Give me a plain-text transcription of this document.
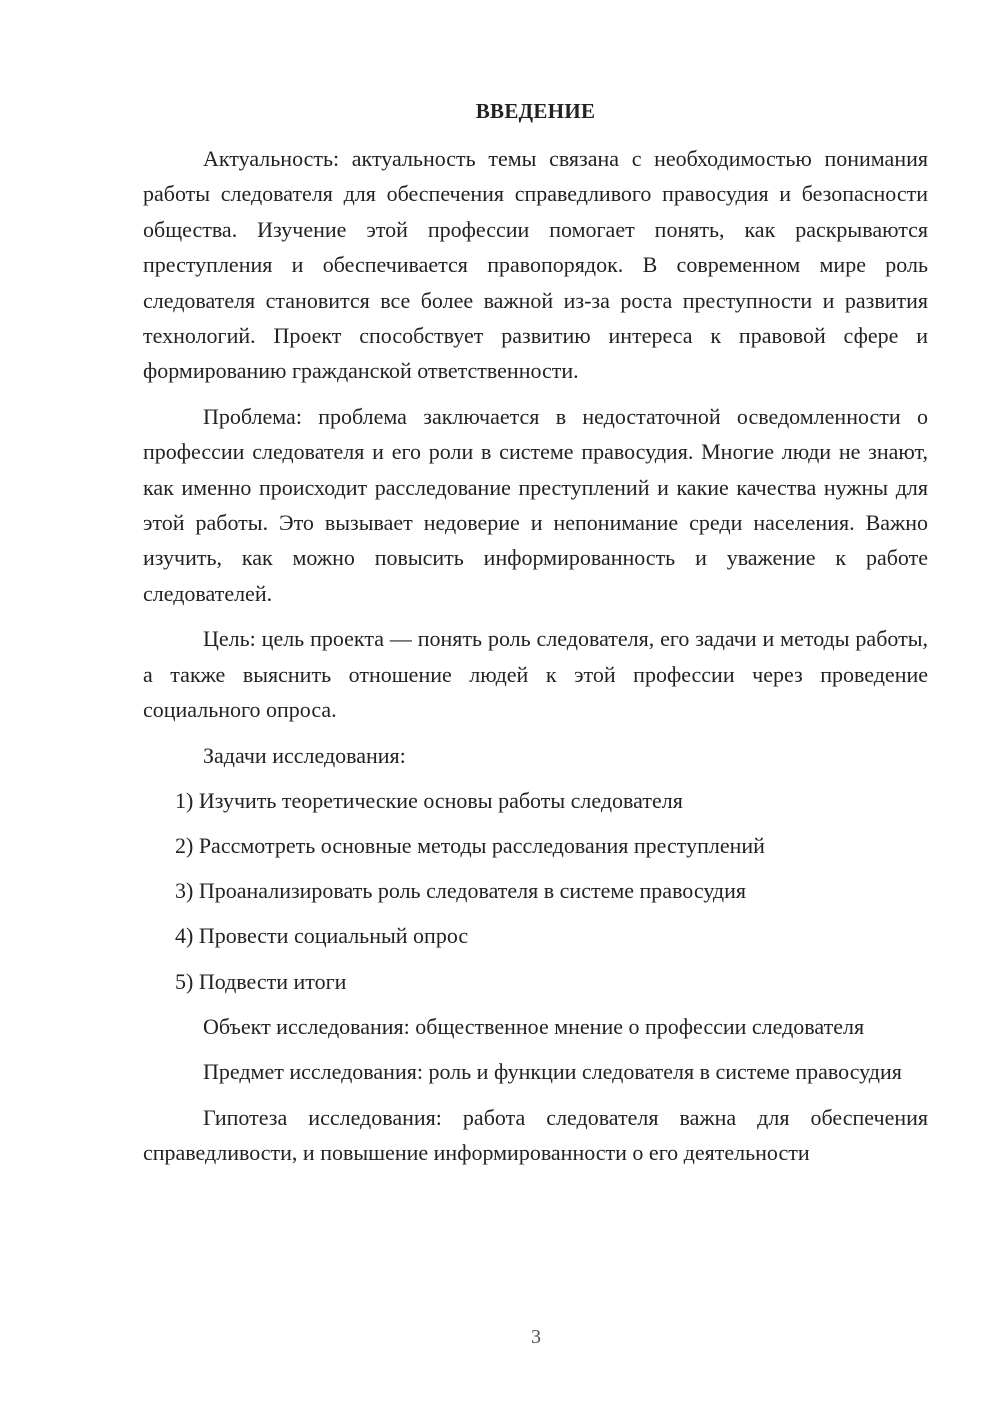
ВВЕДЕНИЕ

Актуальность: актуальность темы связана с необходимостью понимания работы следователя для обеспечения справедливого правосудия и безопасности общества. Изучение этой профессии помогает понять, как раскрываются преступления и обеспечивается правопорядок. В современном мире роль следователя становится все более важной из-за роста преступности и развития технологий. Проект способствует развитию интереса к правовой сфере и формированию гражданской ответственности.

Проблема: проблема заключается в недостаточной осведомленности о профессии следователя и его роли в системе правосудия. Многие люди не знают, как именно происходит расследование преступлений и какие качества нужны для этой работы. Это вызывает недоверие и непонимание среди населения. Важно изучить, как можно повысить информированность и уважение к работе следователей.

Цель: цель проекта — понять роль следователя, его задачи и методы работы, а также выяснить отношение людей к этой профессии через проведение социального опроса.

Задачи исследования:

1) Изучить теоретические основы работы следователя
2) Рассмотреть основные методы расследования преступлений
3) Проанализировать роль следователя в системе правосудия
4) Провести социальный опрос
5) Подвести итоги

Объект исследования: общественное мнение о профессии следователя

Предмет исследования: роль и функции следователя в системе правосудия

Гипотеза исследования: работа следователя важна для обеспечения справедливости, и повышение информированности о его деятельности

3
